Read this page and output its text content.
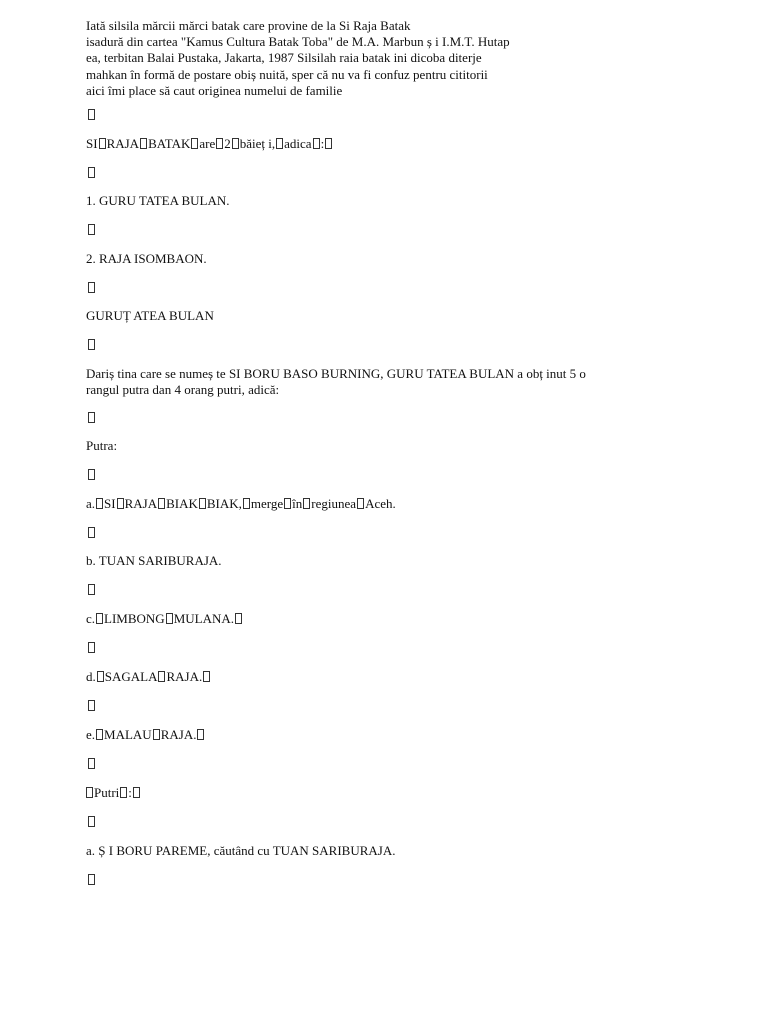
Iată silsila mărcii mărci batak care provine de la Si Raja Batak
isadură din cartea "Kamus Cultura Batak Toba" de M.A. Marbun ș i I.M.T. Hutap
ea, terbitan Balai Pustaka, Jakarta, 1987 Silsilah raia batak ini dicoba diterje
mahkan în formă de postare obiș nuită, sper că nu va fi confuz pentru cititorii
aici îmi place să caut originea numelui de familie

SI RAJA BATAK are 2 băieț i, adica :
1. GURU TATEA BULAN.
2. RAJA ISOMBAON.
GURUȚ ATEA BULAN

Dariș tina care se numeș te SI BORU BASO BURNING, GURU TATEA BULAN a obț inut 5 o
rangul putra dan 4 orang putri, adică:

Putra:
a. SI RAJA BIAK BIAK, merge în regiunea Aceh.
b. TUAN SARIBURAJA.
c. LIMBONG MULANA.
d. SAGALA RAJA.
e. MALAU RAJA.
Putri :
a. Ș I BORU PAREME, căutând cu TUAN SARIBURAJA.
